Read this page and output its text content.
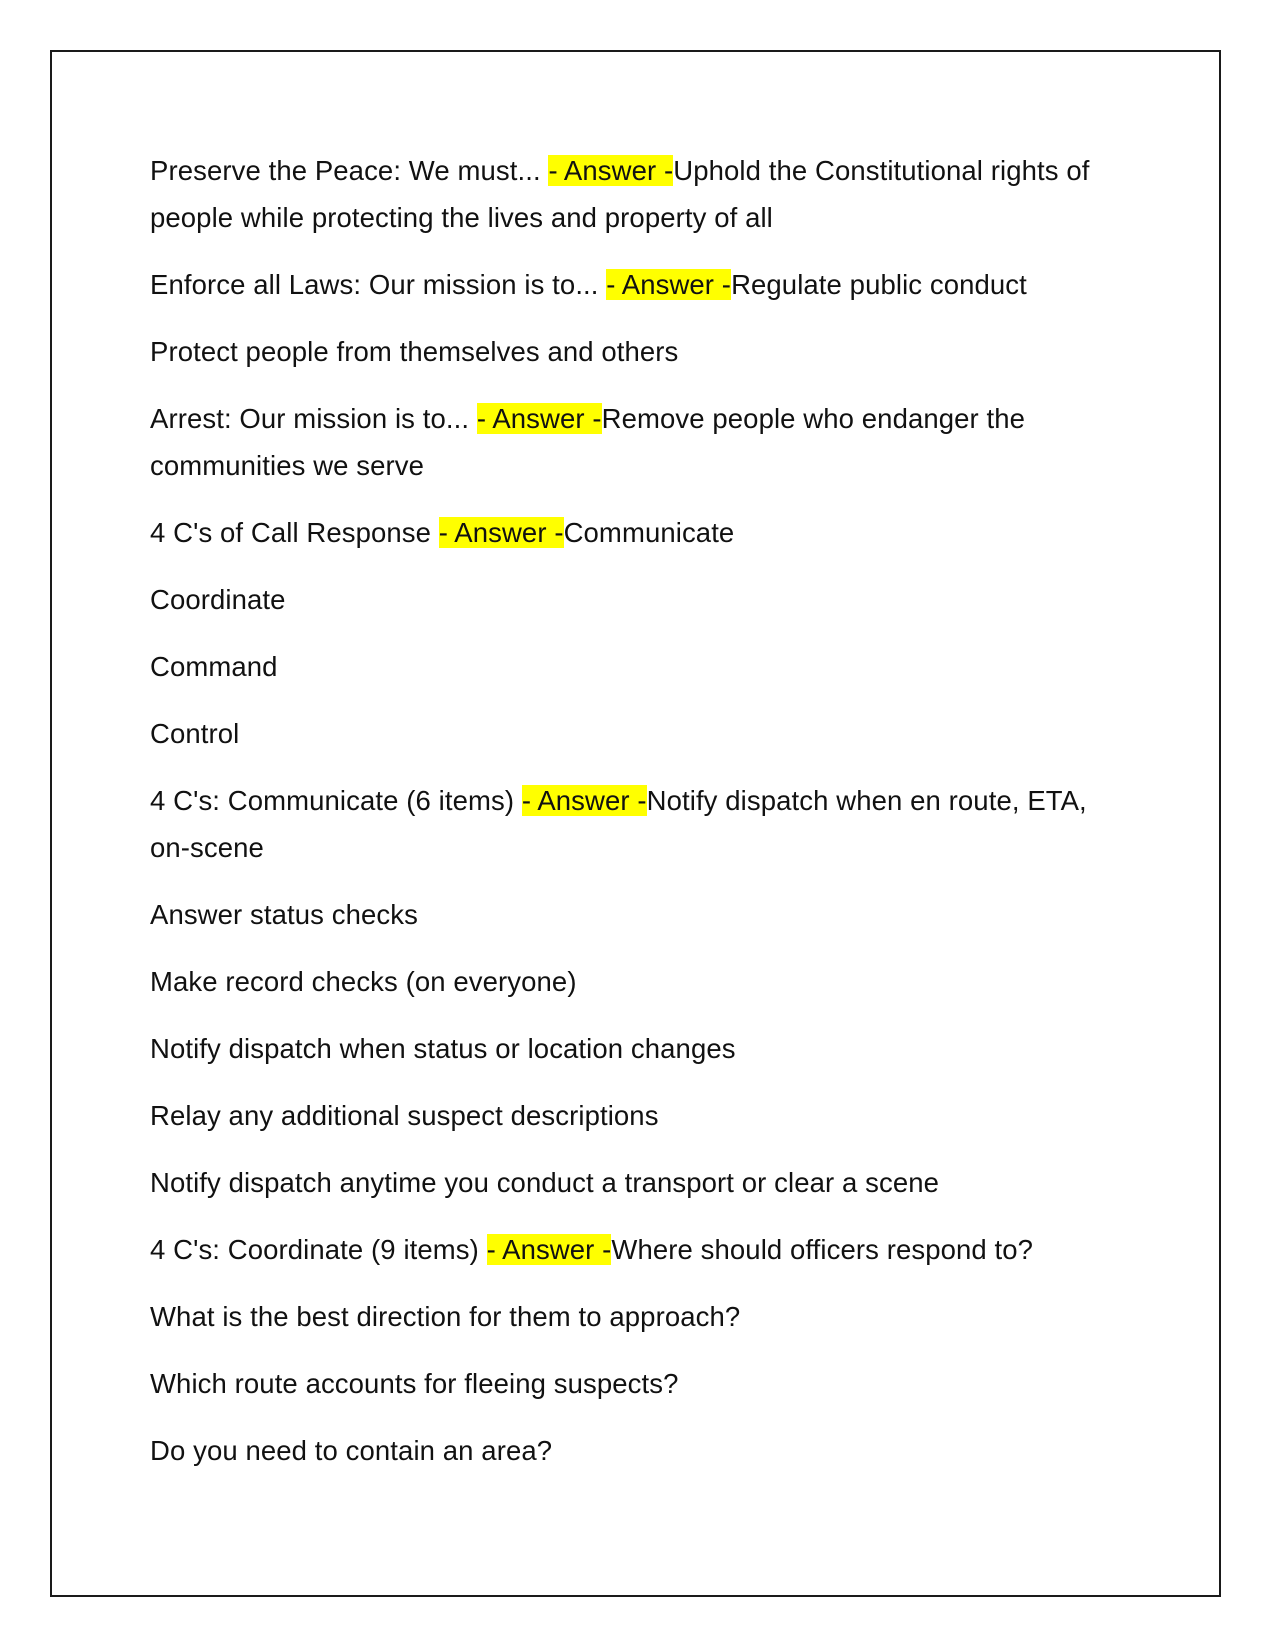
Preserve the Peace: We must... - Answer -Uphold the Constitutional rights of people while protecting the lives and property of all

Enforce all Laws: Our mission is to... - Answer -Regulate public conduct

Protect people from themselves and others

Arrest: Our mission is to... - Answer -Remove people who endanger the communities we serve

4 C's of Call Response - Answer -Communicate

Coordinate

Command

Control

4 C's: Communicate (6 items) - Answer -Notify dispatch when en route, ETA, on-scene

Answer status checks

Make record checks (on everyone)

Notify dispatch when status or location changes

Relay any additional suspect descriptions

Notify dispatch anytime you conduct a transport or clear a scene

4 C's: Coordinate (9 items) - Answer -Where should officers respond to?

What is the best direction for them to approach?

Which route accounts for fleeing suspects?

Do you need to contain an area?
